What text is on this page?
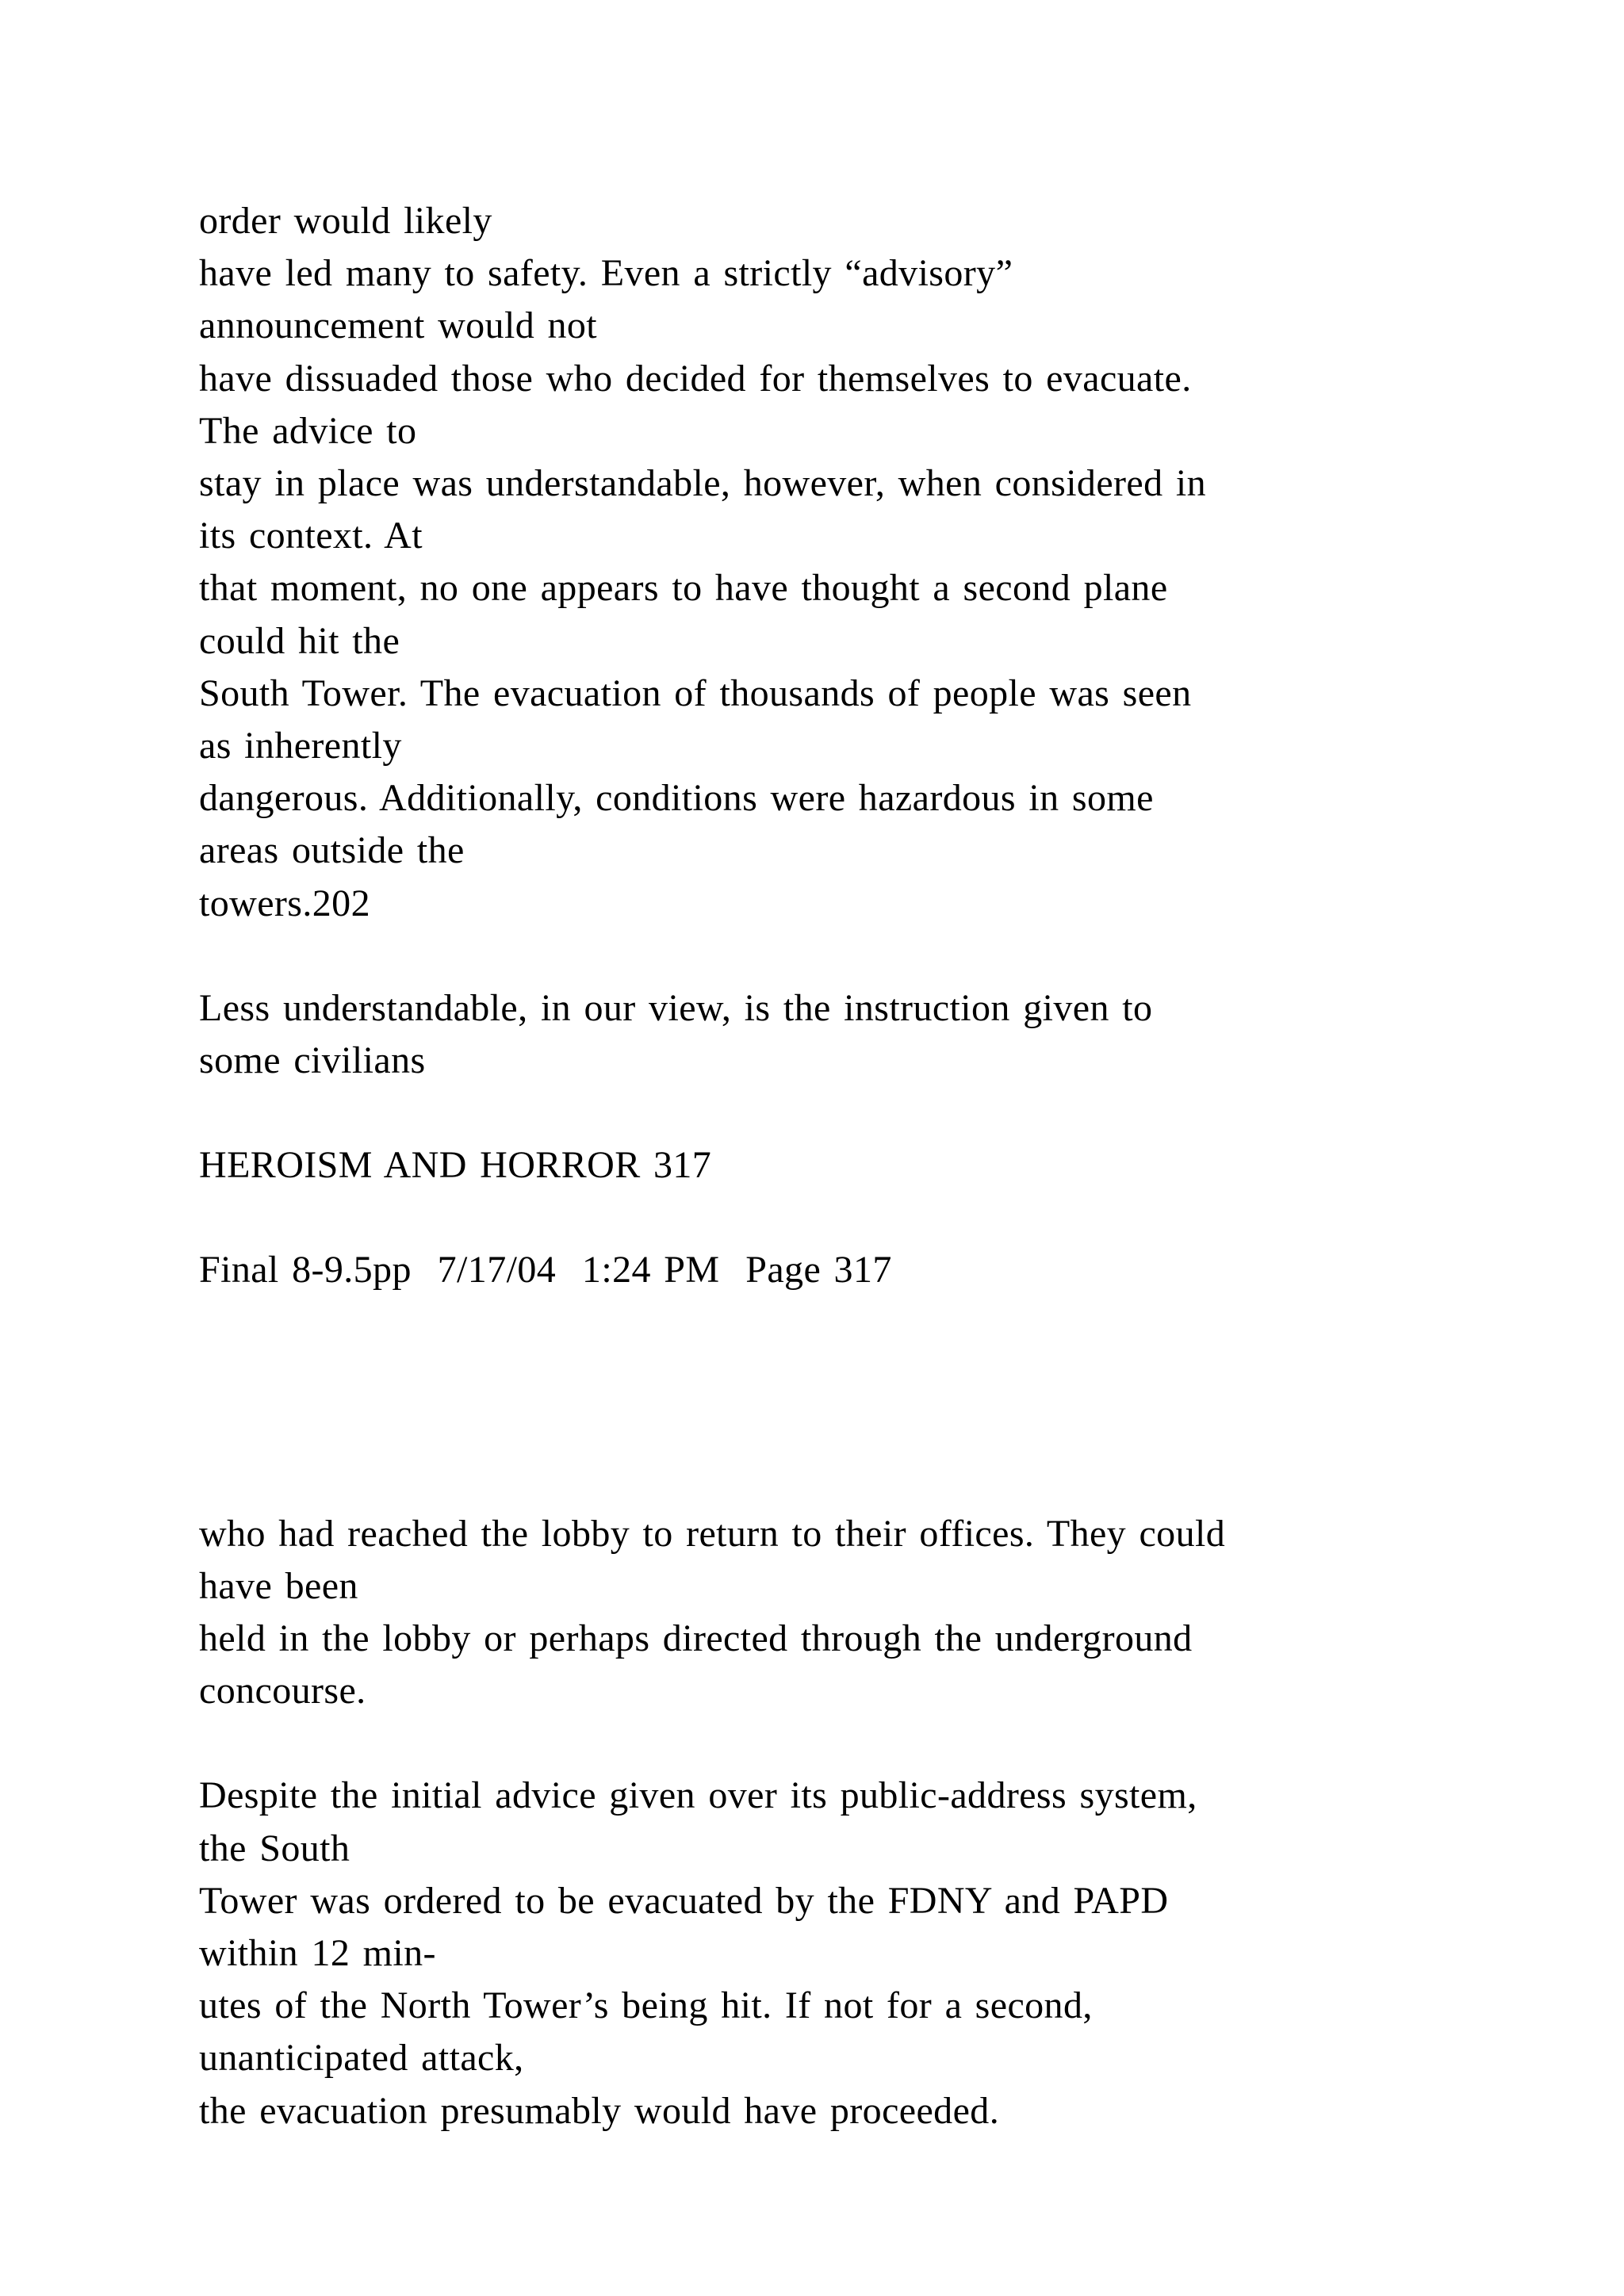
order would likely
have led many to safety. Even a strictly “advisory”
announcement would not
have dissuaded those who decided for themselves to evacuate.
The advice to
stay in place was understandable, however, when considered in
its context. At
that moment, no one appears to have thought a second plane
could hit the
South Tower. The evacuation of thousands of people was seen
as inherently
dangerous. Additionally, conditions were hazardous in some
areas outside the
towers.202
Less understandable, in our view, is the instruction given to
some civilians
HEROISM AND HORROR 317
Final 8-9.5pp  7/17/04  1:24 PM  Page 317
who had reached the lobby to return to their offices. They could
have been
held in the lobby or perhaps directed through the underground
concourse.
Despite the initial advice given over its public-address system,
the South
Tower was ordered to be evacuated by the FDNY and PAPD
within 12 min-
utes of the North Tower’s being hit. If not for a second,
unanticipated attack,
the evacuation presumably would have proceeded.
